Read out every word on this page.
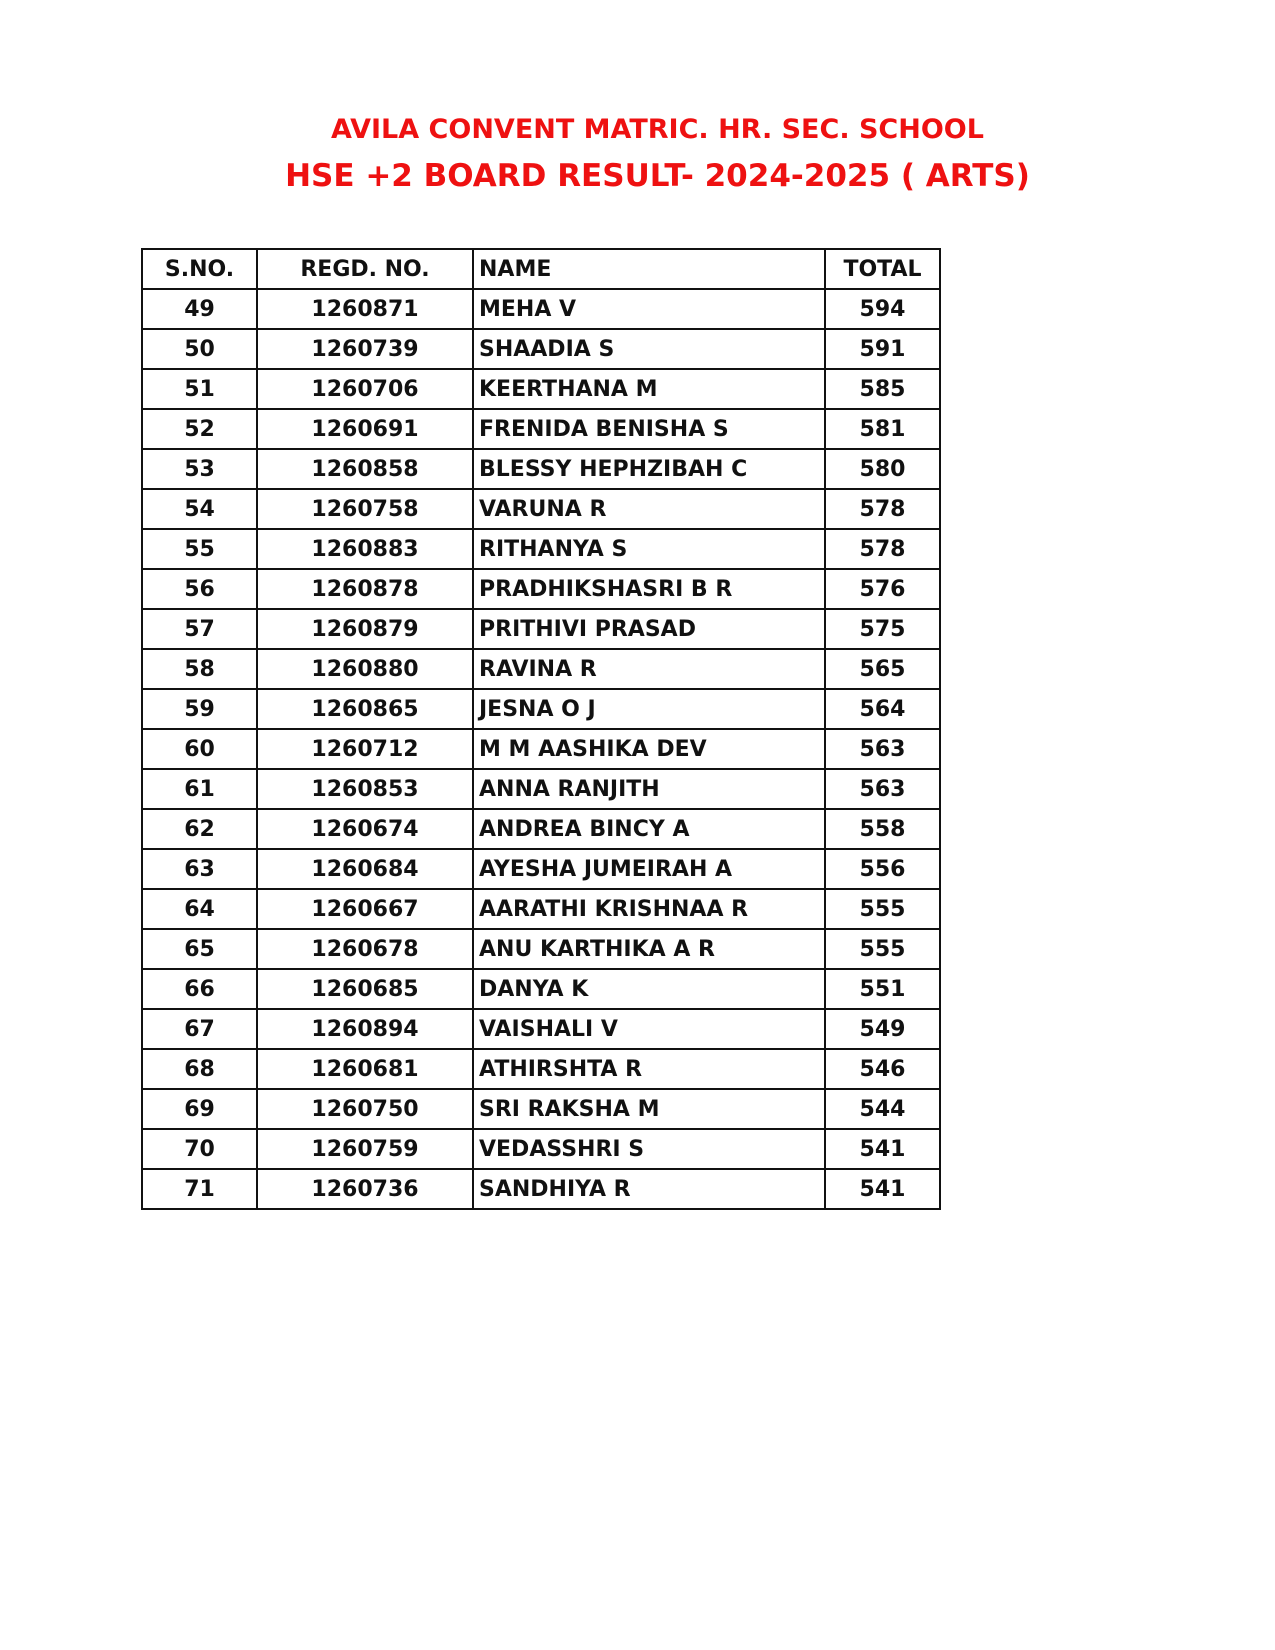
AVILA CONVENT MATRIC. HR. SEC. SCHOOL
HSE +2 BOARD RESULT- 2024-2025 ( ARTS)
S.NO.	REGD. NO.	NAME	TOTAL
49	1260871	MEHA V	594
50	1260739	SHAADIA S	591
51	1260706	KEERTHANA M	585
52	1260691	FRENIDA BENISHA S	581
53	1260858	BLESSY HEPHZIBAH C	580
54	1260758	VARUNA R	578
55	1260883	RITHANYA S	578
56	1260878	PRADHIKSHASRI B R	576
57	1260879	PRITHIVI PRASAD	575
58	1260880	RAVINA R	565
59	1260865	JESNA O J	564
60	1260712	M M AASHIKA DEV	563
61	1260853	ANNA RANJITH	563
62	1260674	ANDREA BINCY A	558
63	1260684	AYESHA JUMEIRAH A	556
64	1260667	AARATHI KRISHNAA R	555
65	1260678	ANU KARTHIKA A R	555
66	1260685	DANYA K	551
67	1260894	VAISHALI V	549
68	1260681	ATHIRSHTA R	546
69	1260750	SRI RAKSHA M	544
70	1260759	VEDASSHRI S	541
71	1260736	SANDHIYA R	541
